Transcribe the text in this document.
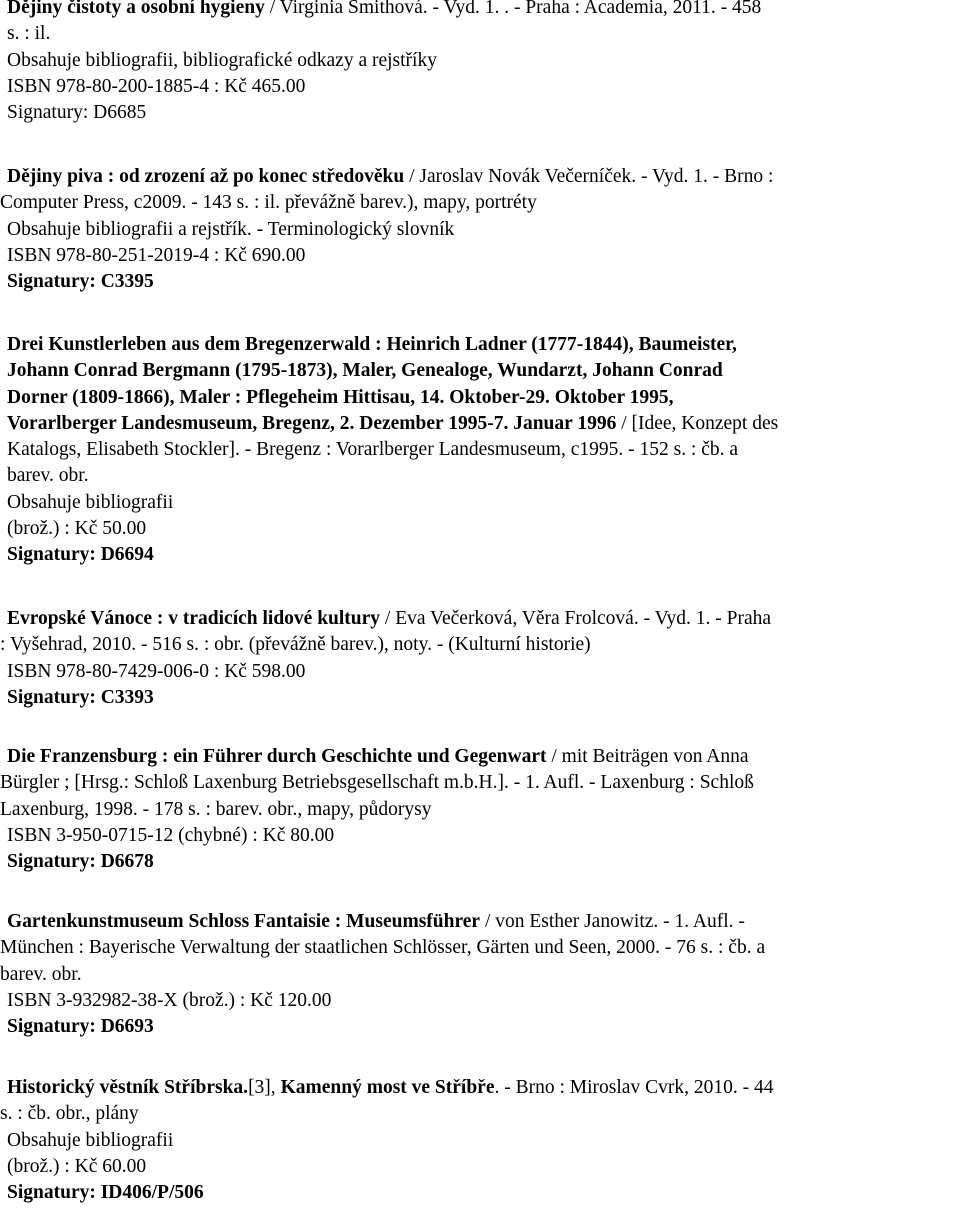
Dějiny čistoty a osobní hygieny / Virginia Smithová. - Vyd. 1. . - Praha : Academia, 2011. - 458
s. : il.
Obsahuje bibliografii, bibliografické odkazy a rejstříky
ISBN 978-80-200-1885-4 : Kč 465.00
Signatury: D6685
Dějiny piva : od zrození až po konec středověku / Jaroslav Novák Večerníček. - Vyd. 1. - Brno :
Computer Press, c2009. - 143 s. : il. převážně barev.), mapy, portréty
Obsahuje bibliografii a rejstřík. - Terminologický slovník
ISBN 978-80-251-2019-4 : Kč 690.00
Signatury: C3395
Drei Kunstlerleben aus dem Bregenzerwald : Heinrich Ladner (1777-1844), Baumeister,
Johann Conrad Bergmann (1795-1873), Maler, Genealoge, Wundarzt, Johann Conrad
Dorner (1809-1866), Maler : Pflegeheim Hittisau, 14. Oktober-29. Oktober 1995,
Vorarlberger Landesmuseum, Bregenz, 2. Dezember 1995-7. Januar 1996 / [Idee, Konzept des
Katalogs, Elisabeth Stockler]. - Bregenz : Vorarlberger Landesmuseum, c1995. - 152 s. : čb. a
barev. obr.
Obsahuje bibliografii
(brož.) : Kč 50.00
Signatury: D6694
Evropské Vánoce : v tradicích lidové kultury / Eva Večerková, Věra Frolcová. - Vyd. 1. - Praha
: Vyšehrad, 2010. - 516 s. : obr. (převážně barev.), noty. - (Kulturní historie)
ISBN 978-80-7429-006-0 : Kč 598.00
Signatury: C3393
Die Franzensburg : ein Führer durch Geschichte und Gegenwart / mit Beiträgen von Anna
Bürgler ; [Hrsg.: Schloß Laxenburg Betriebsgesellschaft m.b.H.]. - 1. Aufl. - Laxenburg : Schloß
Laxenburg, 1998. - 178 s. : barev. obr., mapy, půdorysy
ISBN 3-950-0715-12 (chybné) : Kč 80.00
Signatury: D6678
Gartenkunstmuseum Schloss Fantaisie : Museumsführer / von Esther Janowitz. - 1. Aufl. -
München : Bayerische Verwaltung der staatlichen Schlösser, Gärten und Seen, 2000. - 76 s. : čb. a
barev. obr.
ISBN 3-932982-38-X (brož.) : Kč 120.00
Signatury: D6693
Historický věstník Stříbrska.[3], Kamenný most ve Stříbře. - Brno : Miroslav Cvrk, 2010. - 44
s. : čb. obr., plány
Obsahuje bibliografii
(brož.) : Kč 60.00
Signatury: ID406/P/506
